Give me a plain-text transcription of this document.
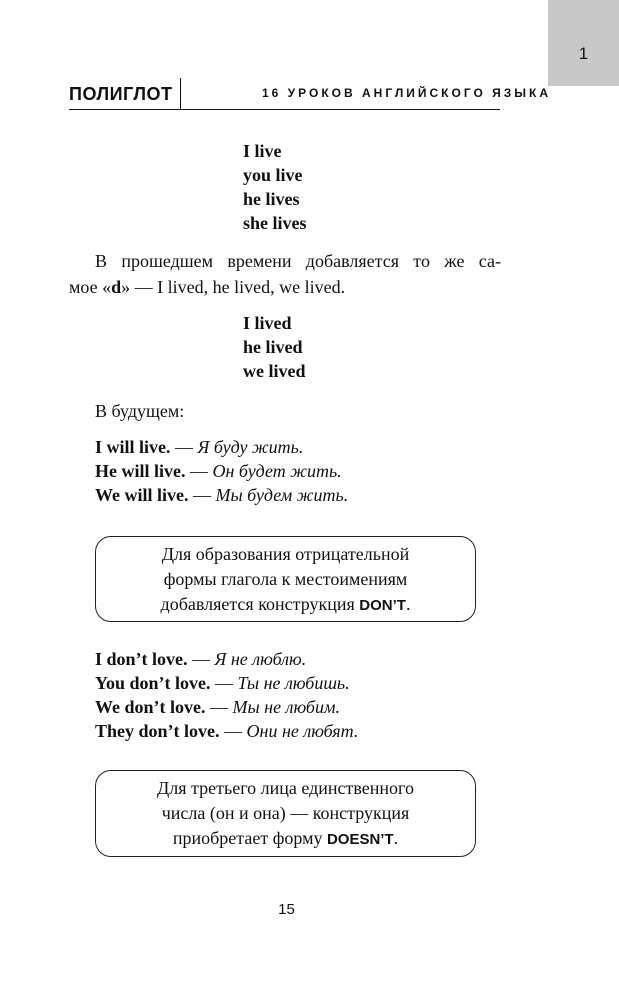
1
ПОЛИГЛОТ	16 УРОКОВ АНГЛИЙСКОГО ЯЗЫКА
I live
you live
he lives
she lives
В прошедшем времени добавляется то же са-
мое «d» — I lived, he lived, we lived.
I lived
he lived
we lived
В будущем:
I will live. — Я буду жить.
He will live. — Он будет жить.
We will live. — Мы будем жить.
Для образования отрицательной
формы глагола к местоимениям
добавляется конструкция DON’T.
I don’t love. — Я не люблю.
You don’t love. — Ты не любишь.
We don’t love. — Мы не любим.
They don’t love. — Они не любят.
Для третьего лица единственного
числа (он и она) — конструкция
приобретает форму DOESN’T.
15
